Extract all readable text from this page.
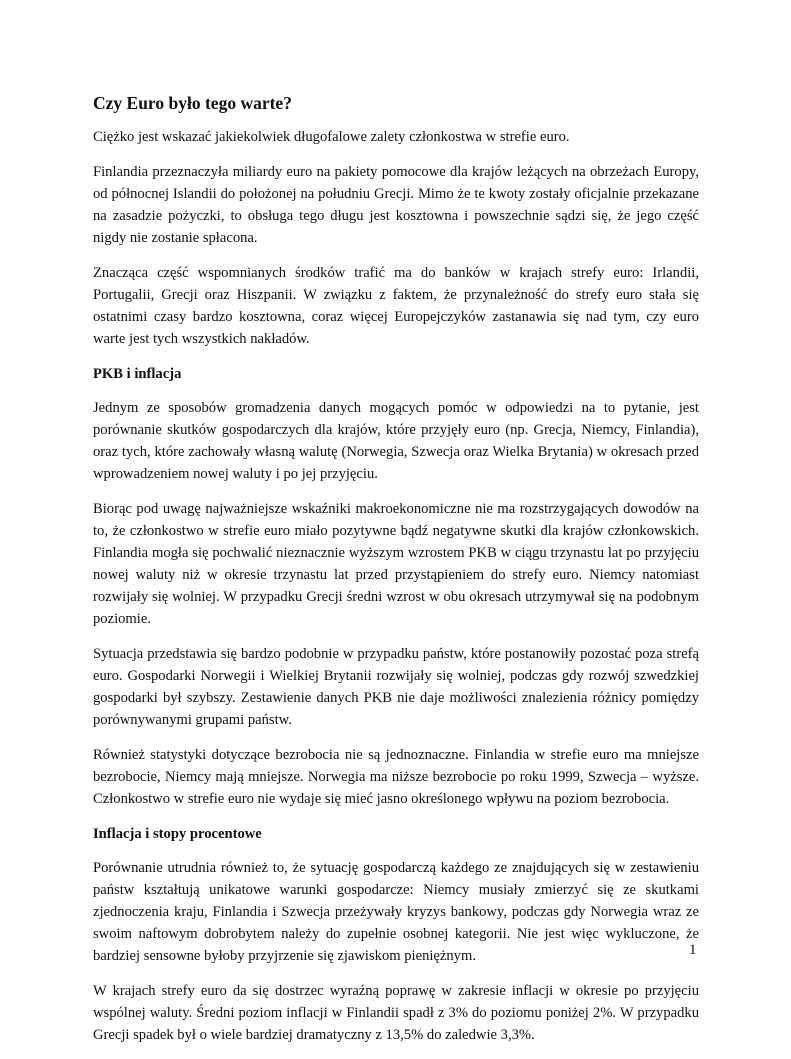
Czy Euro było tego warte?

Ciężko jest wskazać jakiekolwiek długofalowe zalety członkostwa w strefie euro.

Finlandia przeznaczyła miliardy euro na pakiety pomocowe dla krajów leżących na obrzeżach Europy, od północnej Islandii do położonej na południu Grecji. Mimo że te kwoty zostały oficjalnie przekazane na zasadzie pożyczki, to obsługa tego długu jest kosztowna i powszechnie sądzi się, że jego część nigdy nie zostanie spłacona.

Znacząca część wspomnianych środków trafić ma do banków w krajach strefy euro: Irlandii, Portugalii, Grecji oraz Hiszpanii. W związku z faktem, że przynależność do strefy euro stała się ostatnimi czasy bardzo kosztowna, coraz więcej Europejczyków zastanawia się nad tym, czy euro warte jest tych wszystkich nakładów.

PKB i inflacja

Jednym ze sposobów gromadzenia danych mogących pomóc w odpowiedzi na to pytanie, jest porównanie skutków gospodarczych dla krajów, które przyjęły euro (np. Grecja, Niemcy, Finlandia), oraz tych, które zachowały własną walutę (Norwegia, Szwecja oraz Wielka Brytania) w okresach przed wprowadzeniem nowej waluty i po jej przyjęciu.

Biorąc pod uwagę najważniejsze wskaźniki makroekonomiczne nie ma rozstrzygających dowodów na to, że członkostwo w strefie euro miało pozytywne bądź negatywne skutki dla krajów członkowskich. Finlandia mogła się pochwalić nieznacznie wyższym wzrostem PKB w ciągu trzynastu lat po przyjęciu nowej waluty niż w okresie trzynastu lat przed przystąpieniem do strefy euro. Niemcy natomiast rozwijały się wolniej. W przypadku Grecji średni wzrost w obu okresach utrzymywał się na podobnym poziomie.

Sytuacja przedstawia się bardzo podobnie w przypadku państw, które postanowiły pozostać poza strefą euro. Gospodarki Norwegii i Wielkiej Brytanii rozwijały się wolniej, podczas gdy rozwój szwedzkiej gospodarki był szybszy. Zestawienie danych PKB nie daje możliwości znalezienia różnicy pomiędzy porównywanymi grupami państw.

Również statystyki dotyczące bezrobocia nie są jednoznaczne. Finlandia w strefie euro ma mniejsze bezrobocie, Niemcy mają mniejsze. Norwegia ma niższe bezrobocie po roku 1999, Szwecja – wyższe. Członkostwo w strefie euro nie wydaje się mieć jasno określonego wpływu na poziom bezrobocia.

Inflacja i stopy procentowe

Porównanie utrudnia również to, że sytuację gospodarczą każdego ze znajdujących się w zestawieniu państw kształtują unikatowe warunki gospodarcze: Niemcy musiały zmierzyć się ze skutkami zjednoczenia kraju, Finlandia i Szwecja przeżywały kryzys bankowy, podczas gdy Norwegia wraz ze swoim naftowym dobrobytem należy do zupełnie osobnej kategorii. Nie jest więc wykluczone, że bardziej sensowne byłoby przyjrzenie się zjawiskom pieniężnym.

W krajach strefy euro da się dostrzec wyraźną poprawę w zakresie inflacji w okresie po przyjęciu wspólnej waluty. Średni poziom inflacji w Finlandii spadł z 3% do poziomu poniżej 2%. W przypadku Grecji spadek był o wiele bardziej dramatyczny z 13,5% do zaledwie 3,3%.

1
